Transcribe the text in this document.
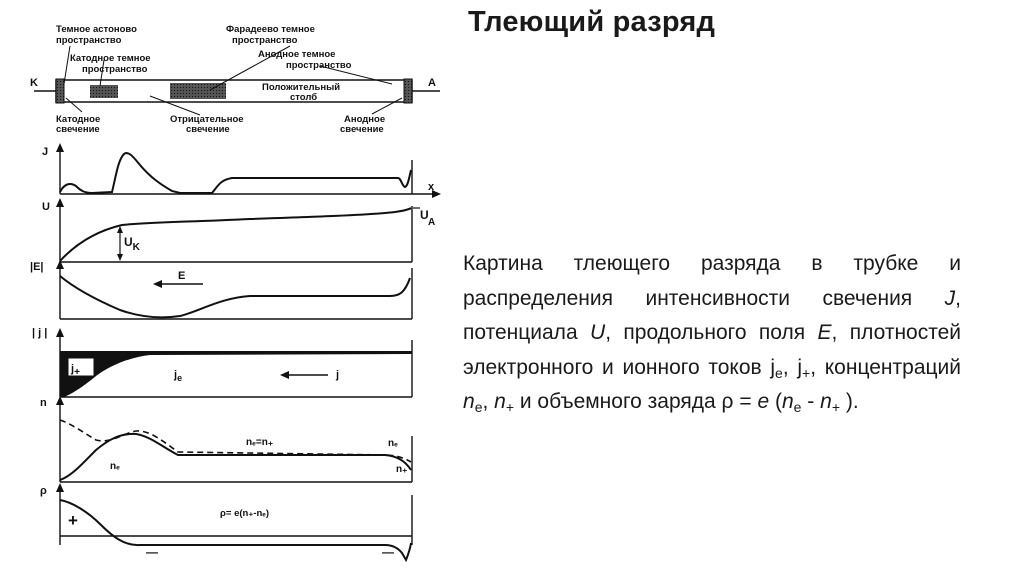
Тлеющий разряд
Темное астоново
пространство
Фарадеево темное
пространство
Катодное темное
пространство
Анодное темное
пространство
Положительный
столб
K	A
Катодное
свечение
Отрицательное
свечение
Анодное
свечение
J
x
U
$U_K$
UA
|E|
E
| j |
j+	$j_e$	j
n
nₑ=n₊
nₑ
nₑ
n₊
ρ
+	ρ= e(n₊-nₑ)
—	—
Картина тлеющего разряда в трубке и распределения интенсивности свечения J, потенциала U, продольного поля E, плотностей электронного и ионного токов $j_e$, $j_+$, концентраций $n_e$, $n_+$ и объемного заряда ρ = e ($n_e - n_+$ ).
